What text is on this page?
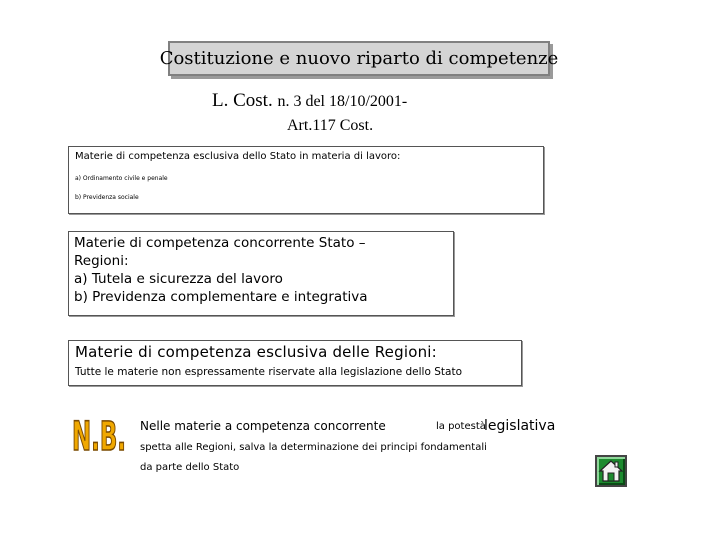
Costituzione e nuovo riparto di competenze
L. Cost. n. 3 del 18/10/2001-
Art.117 Cost.
Materie di competenza esclusiva dello Stato in materia di lavoro:
a) Ordinamento civile e penale
b) Previdenza sociale
Materie di competenza concorrente Stato –
Regioni:
a) Tutela e sicurezza del lavoro
b) Previdenza complementare e integrativa
Materie di competenza esclusiva delle Regioni:
Tutte le materie non espressamente riservate alla legislazione dello Stato
N.B. Nelle materie a competenza concorrente	la potestà
legislativa
spetta alle Regioni, salva la determinazione dei principi fondamentali
da parte dello Stato
